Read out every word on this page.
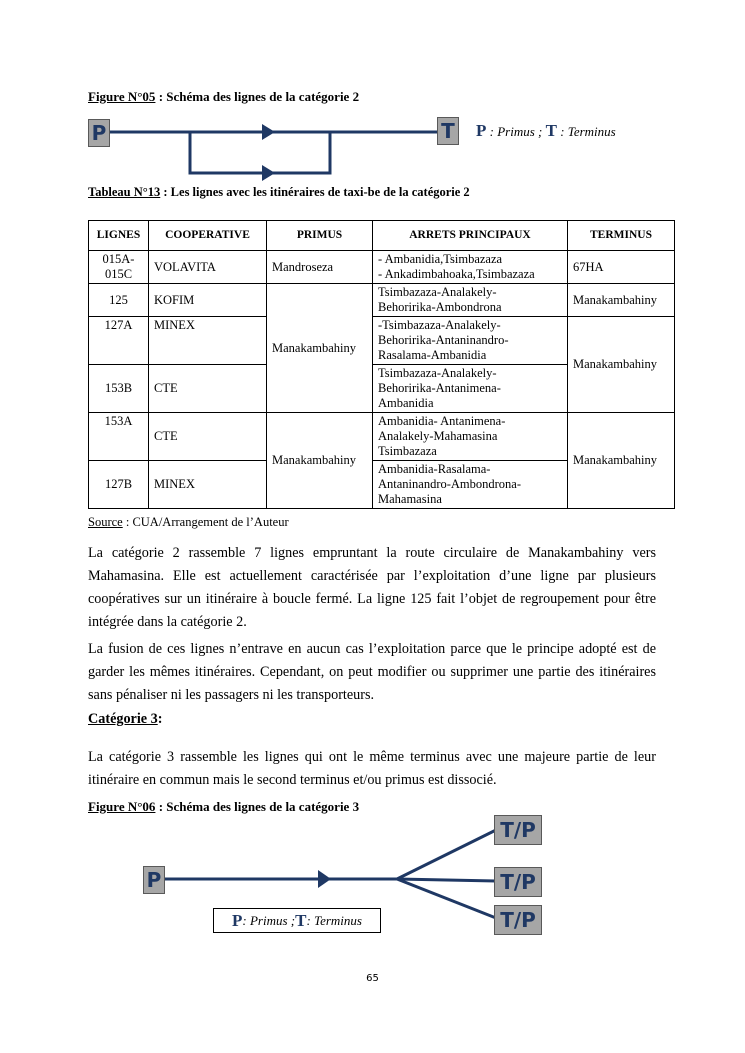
Figure N°05 : Schéma des lignes de la catégorie 2
P	T P : Primus ; T : Terminus
Tableau N°13 : Les lignes avec les itinéraires de taxi-be de la catégorie 2
LIGNES	COOPERATIVE	PRIMUS	ARRETS PRINCIPAUX	TERMINUS
015A-015C	VOLAVITA	Mandroseza	- Ambanidia,Tsimbazaza
- Ankadimbahoaka,Tsimbazaza	67HA
125	KOFIM	Manakambahiny	Tsimbazaza-Analakely-
Behoririka-Ambondrona	Manakambahiny
127A	MINEX		-Tsimbazaza-Analakely-
Behoririka-Antaninandro-
Rasalama-Ambanidia	Manakambahiny
153B	CTE		Tsimbazaza-Analakely-
Behoririka-Antanimena-
Ambanidia	

153A	CTE	Manakambahiny	Ambanidia- Antanimena-
Analakely-Mahamasina
Tsimbazaza	Manakambahiny
127B	MINEX		Ambanidia-Rasalama-
Antaninandro-Ambondrona-
Mahamasina	
Source : CUA/Arrangement de l’Auteur

La catégorie 2 rassemble 7 lignes empruntant la route circulaire de Manakambahiny vers Mahamasina. Elle est actuellement caractérisée par l’exploitation d’une ligne par plusieurs coopératives sur un itinéraire à boucle fermé. La ligne 125 fait l’objet de regroupement pour être intégrée dans la catégorie 2.

La fusion de ces lignes n’entrave en aucun cas l’exploitation parce que le principe adopté est de garder les mêmes itinéraires. Cependant, on peut modifier ou supprimer une partie des itinéraires sans pénaliser ni les passagers ni les transporteurs.

Catégorie 3:

La catégorie 3 rassemble les lignes qui ont le même terminus avec une majeure partie de leur itinéraire en commun mais le second terminus et/ou primus est dissocié.

Figure N°06 : Schéma des lignes de la catégorie 3
P
T/P
T/P
T/P
P : Primus ; T : Terminus
65
